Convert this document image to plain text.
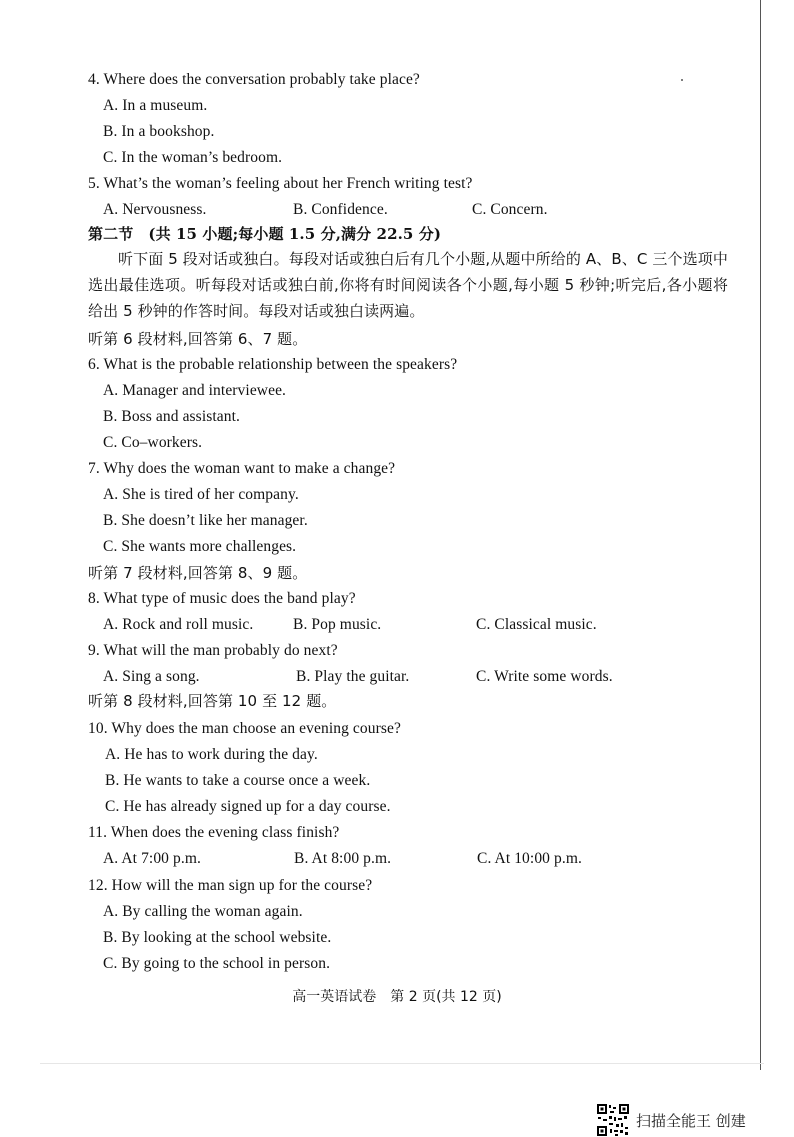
4. Where does the conversation probably take place?
A. In a museum.
B. In a bookshop.
C. In the woman’s bedroom.
5. What’s the woman’s feeling about her French writing test?
A. Nervousness.	B. Confidence.	C. Concern.
第二节　(共 15 小题;每小题 1.5 分,满分 22.5 分)
听下面 5 段对话或独白。每段对话或独白后有几个小题,从题中所给的 A、B、C 三个选项中选出最佳选项。听每段对话或独白前,你将有时间阅读各个小题,每小题 5 秒钟;听完后,各小题将给出 5 秒钟的作答时间。每段对话或独白读两遍。
听第 6 段材料,回答第 6、7 题。
6. What is the probable relationship between the speakers?
A. Manager and interviewee.
B. Boss and assistant.
C. Co–workers.
7. Why does the woman want to make a change?
A. She is tired of her company.
B. She doesn’t like her manager.
C. She wants more challenges.
听第 7 段材料,回答第 8、9 题。
8. What type of music does the band play?
A. Rock and roll music.	B. Pop music.	C. Classical music.
9. What will the man probably do next?
A. Sing a song.	B. Play the guitar.	C. Write some words.
听第 8 段材料,回答第 10 至 12 题。
10. Why does the man choose an evening course?
A. He has to work during the day.
B. He wants to take a course once a week.
C. He has already signed up for a day course.
11. When does the evening class finish?
A. At 7:00 p.m.	B. At 8:00 p.m.	C. At 10:00 p.m.
12. How will the man sign up for the course?
A. By calling the woman again.
B. By looking at the school website.
C. By going to the school in person.
高一英语试卷　第 2 页(共 12 页)
扫描全能王 创建
